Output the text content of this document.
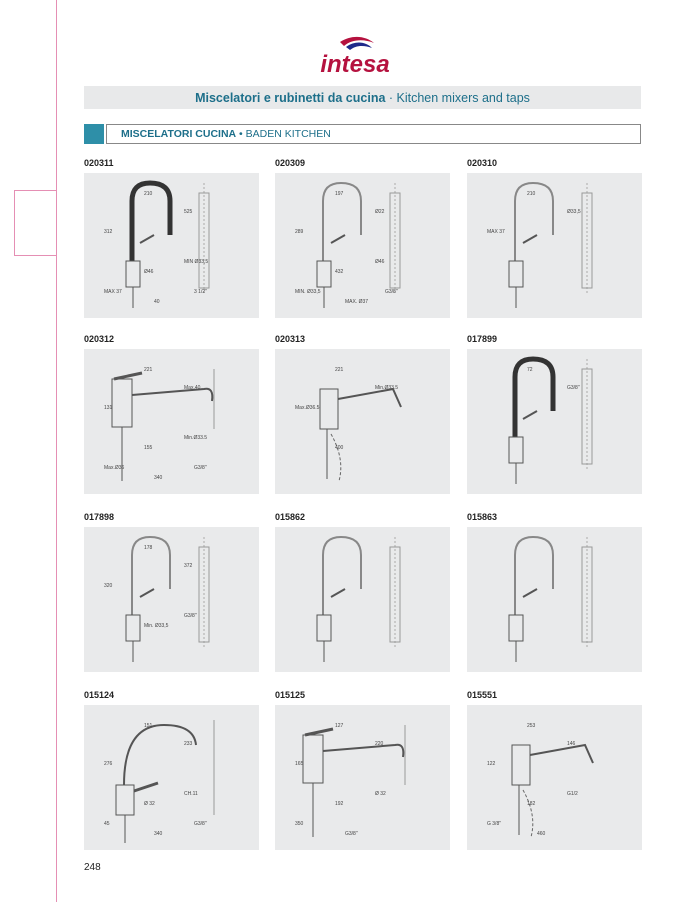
intesa
Miscelatori e rubinetti da cucina · Kitchen mixers and taps
MISCELATORI CUCINA • BADEN KITCHEN
020311
210
525
312
Ø46
MIN Ø33,5
MAX 37
40
3 1/2"
020309
197
Ø22
289
432
Ø46
MIN. Ø33,5
MAX. Ø37
G3/8"
020310
210
Ø33,5
MAX 37
020312
221
Max.40
131
155
Min.Ø33.5
Max.Ø36
340
G3/8"
020313
221
Min.Ø33.5
Max.Ø36.5
400
017899
72
G3/8"
017898
178
372
320
Min. Ø33,5
G3/8"
015862	015863
015124
151
233
276
Ø 32
CH.11
45
340
G3/8"
015125
127
220
165
192
Ø 32
350
G3/8"
015551
253
146
122
182
G1/2
G 3/8"
460
248
